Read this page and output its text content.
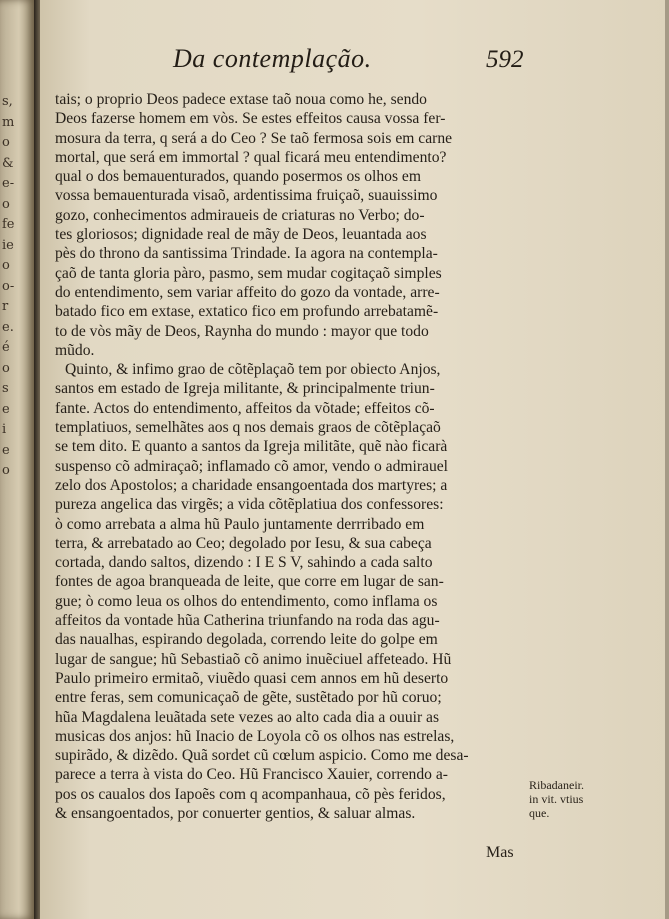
s,
m
o
&
e-
o
fe
ie
o
o-
r
e.
é
o
s
e
i
e
o
Da contemplação.	592
tais; o proprio Deos padece extase taõ noua como he, sendo
Deos fazerse homem em vòs. Se estes effeitos causa vossa fer-
mosura da terra, q será a do Ceo ? Se taõ fermosa sois em carne
mortal, que será em immortal ? qual ficará meu entendimento?
qual o dos bemauenturados, quando posermos os olhos em
vossa bemauenturada visaõ, ardentissima fruiçaõ, suauissimo
gozo, conhecimentos admiraueis de criaturas no Verbo; do-
tes gloriosos; dignidade real de mãy de Deos, leuantada aos
pès do throno da santissima Trindade. Ia agora na contempla-
çaõ de tanta gloria pàro, pasmo, sem mudar cogitaçaõ simples
do entendimento, sem variar affeito do gozo da vontade, arre-
batado fico em extase, extatico fico em profundo arrebatamẽ-
to de vòs mãy de Deos, Raynha do mundo : mayor que todo
mũdo.
Quinto, & infimo grao de cõtẽplaçaõ tem por obiecto Anjos,
santos em estado de Igreja militante, & principalmente triun-
fante. Actos do entendimento, affeitos da võtade; effeitos cõ-
templatiuos, semelhãtes aos q nos demais graos de cõtẽplaçaõ
se tem dito. E quanto a santos da Igreja militãte, quẽ nào ficarà
suspenso cõ admiraçaõ; inflamado cõ amor, vendo o admirauel
zelo dos Apostolos; a charidade ensangoentada dos martyres; a
pureza angelica das virgẽs; a vida cõtẽplatiua dos confessores:
ò como arrebata a alma hũ Paulo juntamente derrribado em
terra, & arrebatado ao Ceo; degolado por Iesu, & sua cabeça
cortada, dando saltos, dizendo : I E S V, sahindo a cada salto
fontes de agoa branqueada de leite, que corre em lugar de san-
gue; ò como leua os olhos do entendimento, como inflama os
affeitos da vontade hũa Catherina triunfando na roda das agu-
das naualhas, espirando degolada, correndo leite do golpe em
lugar de sangue; hũ Sebastiaõ cõ animo inuẽciuel affeteado. Hũ
Paulo primeiro ermitaõ, viuẽdo quasi cem annos em hũ deserto
entre feras, sem comunicaçaõ de gẽte, sustẽtado por hũ coruo;
hũa Magdalena leuãtada sete vezes ao alto cada dia a ouuir as
musicas dos anjos: hũ Inacio de Loyola cõ os olhos nas estrelas,
supirãdo, & dizẽdo. Quã sordet cũ cœlum aspicio. Como me desa-
parece a terra à vista do Ceo. Hũ Francisco Xauier, correndo a-
pos os caualos dos Iapoẽs com q acompanhaua, cõ pès feridos,
& ensangoentados, por conuerter gentios, & saluar almas.
Ribadaneir.
in vit. vtius
que.
Mas
